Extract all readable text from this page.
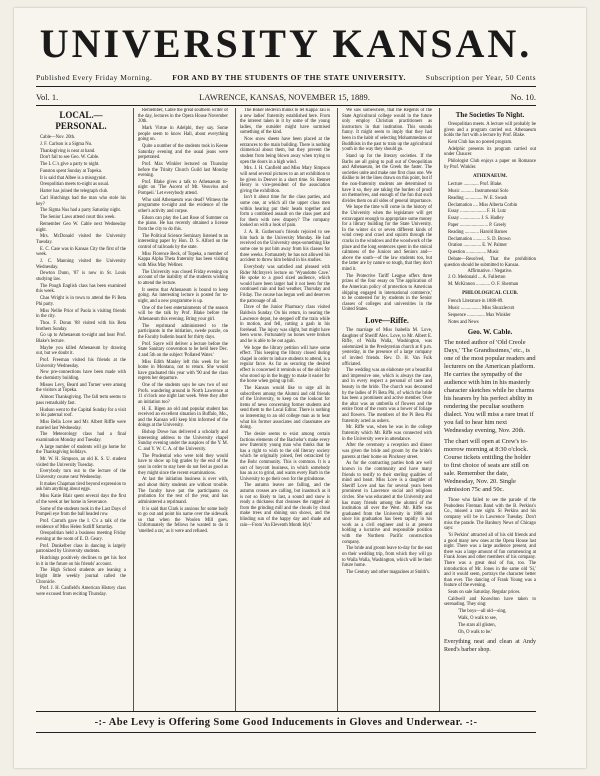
UNIVERSITY KANSAN.
Published Every Friday Morning.	FOR AND BY THE STUDENTS OF THE STATE UNIVERSITY.	Subscription per Year, 50 Cents
Vol. 1.	LAWRENCE, KANSAS, NOVEMBER 15, 1889.	No. 10.
LOCAL.—PERSONAL.

Cable—Nov. 20th.

J. F. Carlson is a Sigma Nu.

Thanksgiving is near at hand.

Don't fail to see Geo. W. Cable.

The L C.'s give a party to night.

Funston spent Sunday at Topeka.

It is said that Albee is a misogynist.

Oreopolitian meets to-night as usual.

Harter has joined the telegraph club.

Carl Hutchings had the man who stole his key?

The Sigma Nus had a party Saturday night.

The Senior Laws attend court this week.

Remember Geo W. Cable next Wednesday night.

Mrs. McDonald visited the University Tuesday.

E. C. Case was in Kansas City the first of the week.

J. C. Manning visited the University Wednesday.

Dewton Dunn, '87 is now in St. Louis studying law.

The Pough English class has been examined this week.

Chas Wright is in town to attend the Pi Beta Phi party.

Miss Nellie Prior of Paola is visiting friends in the city.

Thos. F. Doran '88 visited with his Beta brothers Sunday.

Go up to Athenaeum to-night and hear Prof. Blake's lecture.

Maybe you killed Athenaeum by drawing out, but we doubt it.

Prof. Freeman visited his friends at the University Wednesday.

New pre-connections have been made with the chemistry building.

Misses Levy, Beard and Turner were among the visitors at Topeka.

Almost Thanksgiving. The fall term seems to pass remarkably fast.

Hudson went to the Capital Sunday for a visit to his paternal roof.

Miss Bella Love and Mr. Albert Riffle were married last Wednesday.

The Meteorology class had a final examination Monday and Tuesday.

A large number of students will go home for the Thanksgiving holidays.

Mr. W. H. Simpson, an old K. S. U. student visited the University Tuesday.

Everybody turn out to the lecture of the University course next Wednesday.

It makes Chapman tired beyond expression to ask him anything about eggs.

Miss Katie Blair spent several days the first of the week at her home in Severance.

Some of the students took in the Last Days of Pompeii eye from the ball headed row.

Prof. Carruth gave the I. C's a talk of the residence of Miss Helen Sutliff Saturday.

Oreopolitian held a business meeting Friday evening at the room of E. D. Geary.

Prof. Dunkelber class in dancing is largely patronized by University students.

Hutchings positively declines to get his foot in it in the future on his friends' account.

The High School students are leaning a bright little weekly journal called the Chronicle.

Prof. J. H. Canfield's American History class were excused from reciting Thursday.

Remember, Cable the great southern writer of the day, lectures in the Opera House November 20th.

Mark Virtue in Adelphi, they say. Some people seem to know Hall, about everything going on.

Quite a number of the students took in Keene Saturday evening and the usual jeans were perpetrated.

Prof. Max Winkler lectured on Thursday before the Trinity Church Guild last Monday evening.

Prof. Blake gives a talk to Athenaeum to-night on 'The Ascent of Mt. Vesuvius and Pompeii.' Let everybody attend.

Who said Athenaeum was dead? Witness the programme to-night and the evidence of the other's activity and corpse.

Edson can play the Last Rose of Summer on the piano. He has recently obtained a license from the city to do this.

The Political Science Seminary listened to an interesting paper by Hon. D. S. Alford on the control of railroads by the state.

Miss Florence Beck, of Topeka, a member of Kappa Alpha Theta fraternity has been visiting with Miss May Wellner.

The University was closed Friday evening on account of the inability of the students wishing to attend the lecture.

It seems that Athenaeum is bound to keep going. An interesting lecture is posted for to-night, and a new programme is up.

One of the best entertainments of the season will be the talk by Prof. Blake before the Athenaeum this evening. Bring your girl.

The reprimand administered to the participants in the initiation, swede puzzle, on the Faculty bulletin board for thirty days.

Prof. Sayre will deliver a lecture before the State Sanitary convention to be held here Dec. 4 and 5th on the subject 'Pollated Water.'

Miss Edith Manley left this week for her home in Montana, not to return. She would have graduated this year with '90 and the class regrets her departure.

One of the students says he saw two of our Profs. wandering around in North Lawrence at 11 o'clock one night last week. Were they after an initiation too?

H. E. Bigen an old and popular student has received an excellent situation in Buffalo, Mo., and the Kansan will keep him informed of the doings at the University.

Bishop Dowe has delivered a scholarly and interesting address to the University chapel Sunday evening under the auspices of the Y. M. C. and Y. W. C. A. of the University.

The Prudential who were told they would have to show up big grades by the end of the year in order to stay here do not feel as good as they might since the recent examinations.

At last the initiation business is over with, and about thirty students are without trouble. The faculty have put the participants on probation for the rest of the year, and has administered a reprimand.

It is said that Clark is anxious for some body to go out and point his name over the sidewalk so that when the Woolen Mill goes. Unfortunately the fellows he wanted to do it 'smelled a rat,' as it were and refused.

The Boker Bedevin thinks to let Kappa Tau is a new ladies' fraternity established here. From the interest taken in it by some of the young ladies, the outsider might have surmised something of the kind.

Now snow sheets have been placed at the entrances to the main building. There is nothing chimerical about them, but they prevent the student from being blown away when trying to open the doors in a high wind.

Mrs. J. H. Canfield and Miss Mary Simpson will send several pictures to an art exhibition to be given in Denver in a short time. St. Bennet Henry is vice-president of the association giving the exhibition.

Isn't it about time for the class parties, and some one, at which all the upper class men within hearing put their heads together and form a combined assault on the class poet and for them with new drapery? The company looked on with a look of pain.

J. A. R. Gutherson's friends rejoiced to see him back in the University Monday. He had received on the University steps-something like some one to put him away from his classes for three weeks. Fortunately he has not allowed his accident to throw him behind in his studies.

Everybody was satisfied and pleased with Rider McIntyre's lecture on 'Wyandotte Cave.' He spoke to a good sized audience, which would have been larger had it not been for the continued rain and bad weather, Thursday and Friday. The course has begun well and deserves the patronage of all.

Dave of the Junior Pharmacy class visited Baldwin Sunday. On his return, in nearing the Lawrence depot, he stepped off the train while in motion, and fell, cutting a gash in his forehead. The injury was slight, but might have been worse. Fortunately no bones were broken and he is able to be out again.

We hope the library petition will have some effect. This keeping the library closed during chapel in order to induce students to attend, is a regular farce. As far as securing the desired effect is concerned it reminds us of the old lady who stood up in the buggy to make it easier for the horse when going up hill.

The Kansan would like to urge all its subscribers among the Alumni and old friends of the University, to keep on the lookout for items of news concerning former students and send them to the Local Editor. There is nothing so interesting to an old college man as to hear what his former associates and classmates are doing.

The desire seems to exist among certain factions elements of the Bachelor's make every new fraternity young man who thinks that he has a right to wish to the old literary society which he originally joined, feel ostracized by the Bohr community. This is common. It is a sort of boycott business, in which somebody has an ax to grind, and wants every Barb in the University to go their own for the grindstone.

The autumn leaves are falling, and the autumn crosses are calling, but inasmuch as it is not so likely to last, a sound and snow is ready a thickness that cleanses the ragged air from the grinding mill and the clouds by cloud make trees and shining sun shows, and the blinding sun of the happy day and shade and rain—From 'An Eleventh Month Idyl.'

We saw somewhere, that the Regents of the State Agricultural college would in the future only employ Christian practitioners as instructors in that institution. This sounds funny. It might seem to imply that they had been in the habit of selecting Mohammedans or Buddhists in the past to train up the agricultural youth in the way they should go.

Stand up for the literary societies. If the Barbs are all going to pull out of Oreopolitian and Athenaeum, let the Greek the faster. The societies unite and make one first class one. We dislike to let the lines drawn on this point, but if the non-fraternity students are determined to have it so, they are taking the burden of proof on themselves, and enough of the fun that such divides them on all sides of general importance.

We hope the time will come in the history of the University when the legislature will get extravagant enough to appropriate some money for a library building for the State University. In the winter six or seven different kinds of wind creep and crawl and squirm through the cracks in the windows and the woodwork of the place and the long sentences spent in the stoical calmness of the Juniors and Seniors and—above the south—of the law students too, but the latter are by nature so tough, that they don't mind it.

The Protective Tariff League offers three prizes of the four essay on 'The application of the American policy of protection to American shipping engaged in international commerce,' to be contested for by students in the Senior classes of colleges and universities in the United States.

Love—Riffe.

The marriage of Miss Isabella M. Love, daughter of Sheriff Alex. Love, to Mr. Albert E. Riffe, of Walla Walla, Washington, was solemnized in the Presbyterian church at 8 p.m. yesterday, in the presence of a large company of invited friends. Rev. D. H. Van Fulk officiated.

The wedding was an elaborate yet a beautiful and impressive one, which is always the case, and in every respect a personal of taste and beauty in the bride. The church was decorated by the ladies of Pi Beta Phi, of which the bride has been a prominent and active member. Over the altar was an umbrella of flowers and the entire front of the room was a bower of foliage and flowers. The members of the Pi Beta Phi fraternity acted as ushers.

Mr. Riffe was, when he was in the college fraternity which Mr. Riffe was connected with in the University were in attendance.

After the ceremony a reception and dinner was given the bride and groom by the bride's parents at their home on Pinckney street.

As for the contracting parties both are well known in the community and have many friends to testify to their sterling qualities of mind and heart. Miss Love is a daughter of Sheriff Love and has for several years been prominent in Lawrence social and religious circles. She was educated at the University and has many friends among the alumni of the institution all over the West. Mr. Riffe was graduated from the University in 1886 and since his graduation has been rapidly in his work as a civil engineer and is at present holding a lucrative and responsible position with the Northern Pacific construction company.

The bride and groom leave to-day for the east on their wedding trip, from which they will go to Walla Walla, Washington, which will be their future home.

The Century and other magazines at Smith's.

The Societies To Night.

Oreopolitian meets. A lecture will probably be given and a program carried out. Athenaeum holds the fort with a lecture by Prof. Blake.

Kent Club has no posted program.

Adelphic presents its program carried out under Chaucer.

Philologist Club enjoys a paper on Romance by Prof. Winkler.

ATHENAEUM.

Lecture ............. Prof. Blake.

Music ........... Instrumental Solo

Reading ............... W. E. Swash

Declamation .... Miss Alberta Corbin

Essay ...................... F. H. Lutz

Essay ................. J. S. Hadley

Paper ........................ P. Greely

Reading ............ Harold Barnes

Declamation ........... S. D. Brown

Oration ............... E. W. Palmer

Question ................. Music

Debate—Resolved, That the prohibition question should be submitted to Kansas.

Affirmative. / Negative.

J. O. Medonald ... A. Fullerton

M. McKinnon ............ O. F. Sherman

PHILOLOGICAL CLUB.

French Literature in 1888-89.

Music ................. Miss Shuzzlecutt

Sequence ............... Max Winkler

Notes and News

Geo. W. Cable.

The noted author of 'Old Creole Days,' 'The Grandissimes,' etc., is one of the most popular readers and lecturers on the American platform. He carries the sympathy of the audience with him in his masterly character sketches while he charms his hearers by his perfect ability in rendering the peculiar southern dialect. You will miss a rare treat if you fail to hear him next Wednesday evening, Nov. 20th.

The chart will open at Crew's to-morrow morning at 8:30 o'clock. Course tickets entitling the holder to first choice of seats are still on sale. Remember the date, Wednesday, Nov. 20. Single admission 75c and 50c.

Those who failed to see the parade of the Peabodens Fireman Band with the B. Perkins's Co., missed a rare sight. Si Perkins and his company will be in Lawrence Tuesday. Don't miss the parade. The Banbury News of Chicago says:

'Si Perkins' attracted all of his old friends and a good many new ones at the Opera House last night. There was a large audience present, and there was a large amount of fun commencing at Frank Jones and other members of his company. There was a great deal of fun, too. The introduction of Mr. Jones in the same old 'Si,' and it would seem, portrays the character better than ever. The dancing of Frank Young was a feature of the evening.

Seats on sale Saturday. Regular prices.

Caldwell and Knowlton have taken to serenading. They sing:

'The boys—all old—sing,

Walk, O walk to see,

The stars all glisten,

Oh, O walk to be.'

Everything neat and clean at Andy Reed's barber shop.
-:- Abe Levy is Offering Some Good Inducements in Gloves and Underwear. -:-
